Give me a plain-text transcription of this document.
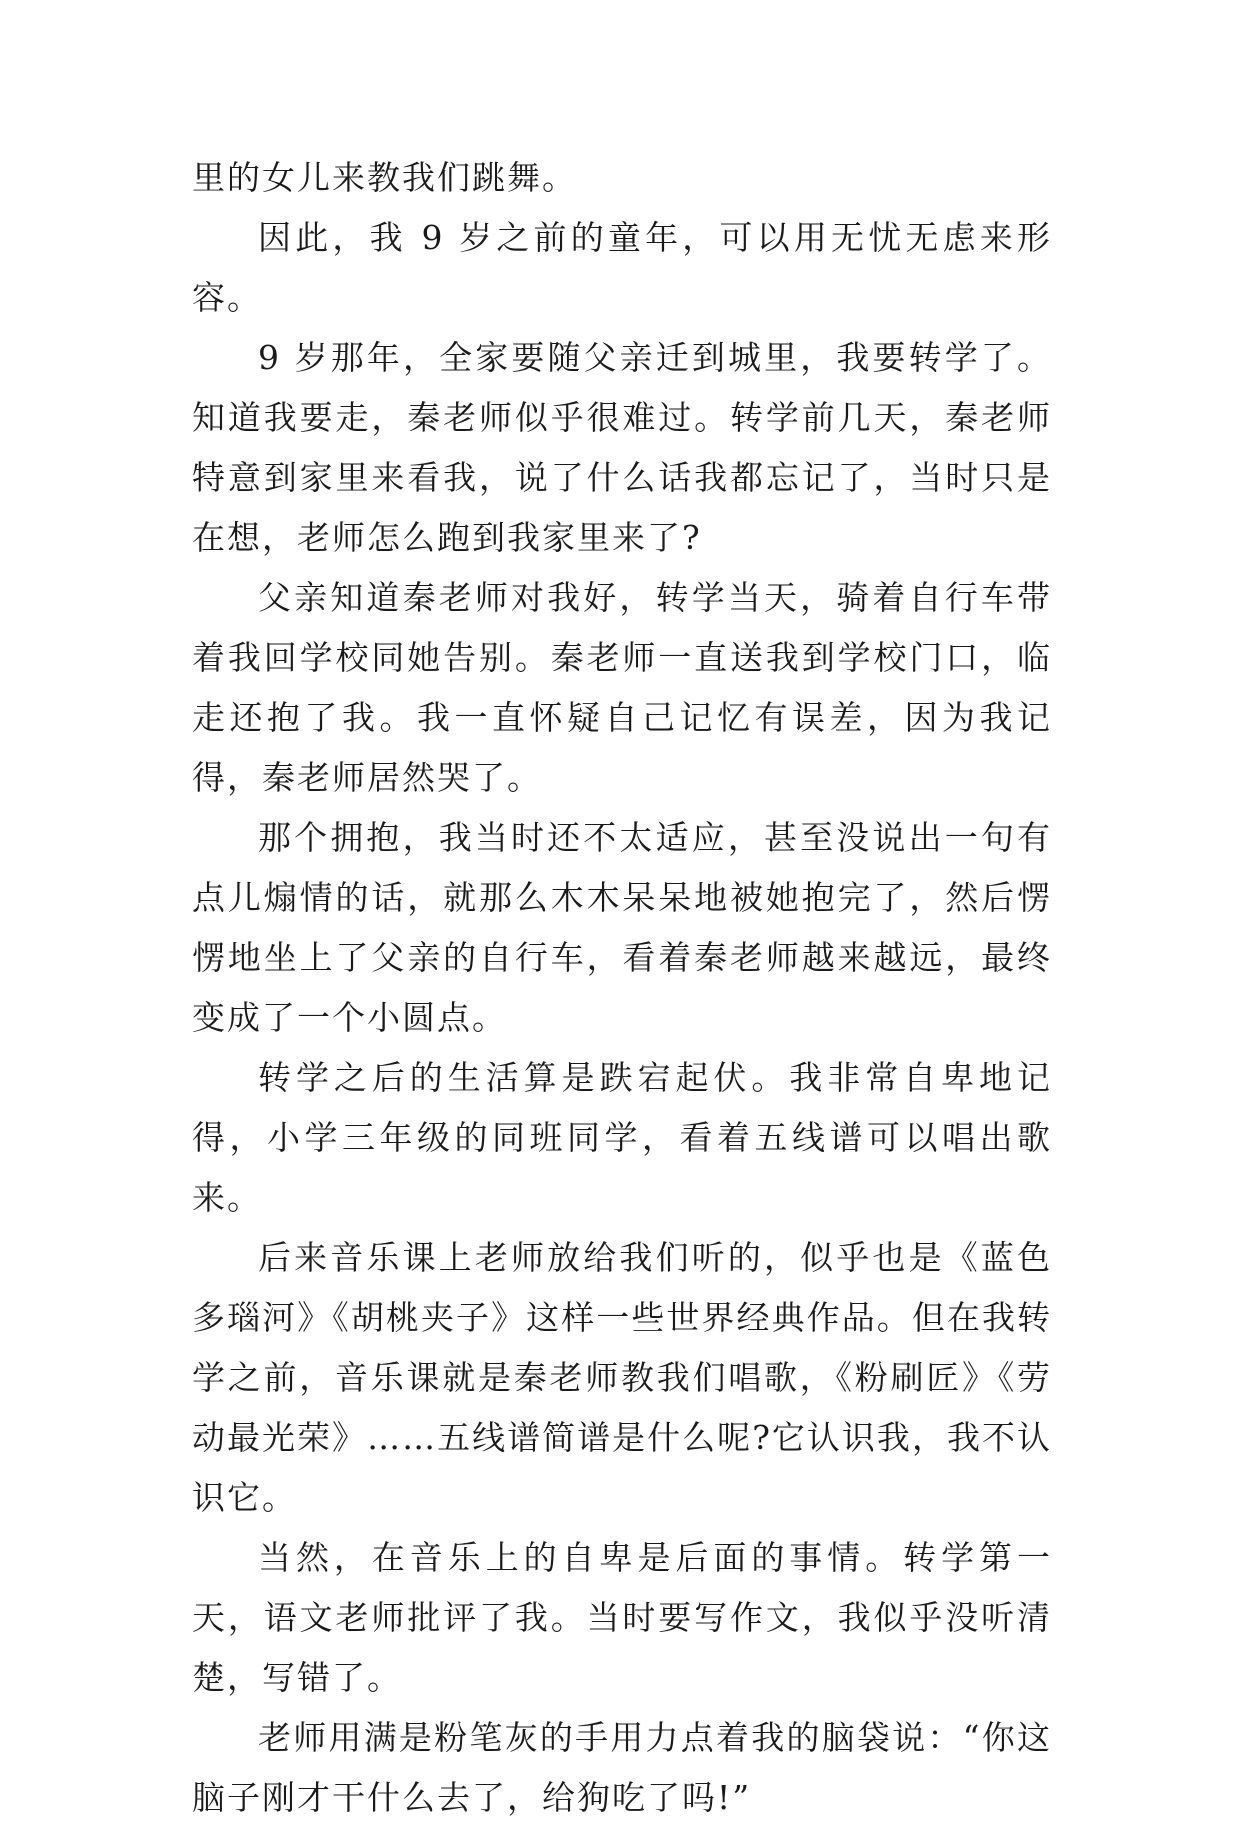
里的女儿来教我们跳舞。

因此，我 9 岁之前的童年，可以用无忧无虑来形容。

9 岁那年，全家要随父亲迁到城里，我要转学了。知道我要走，秦老师似乎很难过。转学前几天，秦老师特意到家里来看我，说了什么话我都忘记了，当时只是在想，老师怎么跑到我家里来了?

父亲知道秦老师对我好，转学当天，骑着自行车带着我回学校同她告别。秦老师一直送我到学校门口，临走还抱了我。我一直怀疑自己记忆有误差，因为我记得，秦老师居然哭了。

那个拥抱，我当时还不太适应，甚至没说出一句有点儿煽情的话，就那么木木呆呆地被她抱完了，然后愣愣地坐上了父亲的自行车，看着秦老师越来越远，最终变成了一个小圆点。

转学之后的生活算是跌宕起伏。我非常自卑地记得，小学三年级的同班同学，看着五线谱可以唱出歌来。

后来音乐课上老师放给我们听的，似乎也是《蓝色多瑙河》《胡桃夹子》这样一些世界经典作品。但在我转学之前，音乐课就是秦老师教我们唱歌，《粉刷匠》《劳动最光荣》……五线谱简谱是什么呢?它认识我，我不认识它。

当然，在音乐上的自卑是后面的事情。转学第一天，语文老师批评了我。当时要写作文，我似乎没听清楚，写错了。

老师用满是粉笔灰的手用力点着我的脑袋说：“你这脑子刚才干什么去了，给狗吃了吗!”
